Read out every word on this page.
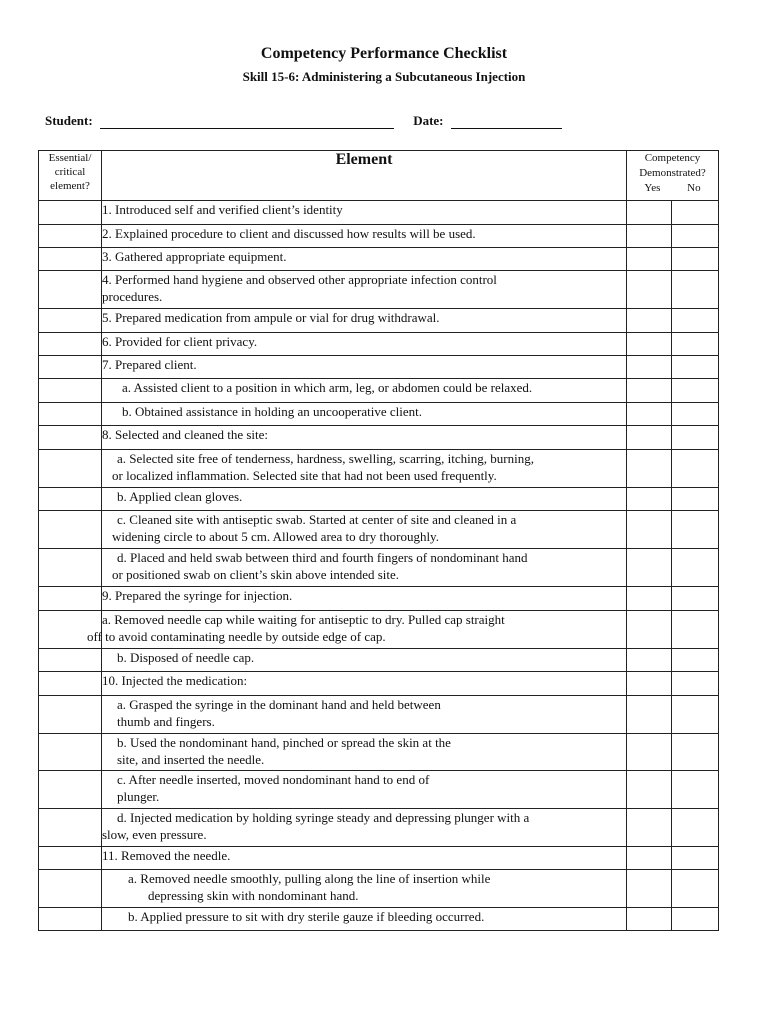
Competency Performance Checklist
Skill 15-6: Administering a Subcutaneous Injection
Student:	Date:
Essential/
critical
element?	Element	Competency
Demonstrated?
Yes No	

	1. Introduced self and verified client’s identity		

	2. Explained procedure to client and discussed how results will be used.		

	3. Gathered appropriate equipment.		

	4. Performed hand hygiene and observed other appropriate infection control
procedures.		

	5. Prepared medication from ampule or vial for drug withdrawal.		

	6. Provided for client privacy.		

	7. Prepared client.		

	a. Assisted client to a position in which arm, leg, or abdomen could be relaxed.		

	b. Obtained assistance in holding an uncooperative client.		

	8. Selected and cleaned the site:		

	a. Selected site free of tenderness, hardness, swelling, scarring, itching, burning,
or localized inflammation. Selected site that had not been used frequently.		

	b. Applied clean gloves.		

	c. Cleaned site with antiseptic swab. Started at center of site and cleaned in a
widening circle to about 5 cm. Allowed area to dry thoroughly.		

	d. Placed and held swab between third and fourth fingers of nondominant hand
or positioned swab on client’s skin above intended site.		

	9. Prepared the syringe for injection.		

	a. Removed needle cap while waiting for antiseptic to dry. Pulled cap straight
off to avoid contaminating needle by outside edge of cap.		

	b. Disposed of needle cap.		

	10. Injected the medication:		

	a. Grasped the syringe in the dominant hand and held between
thumb and fingers.		

	b. Used the nondominant hand, pinched or spread the skin at the
site, and inserted the needle.		

	c. After needle inserted, moved nondominant hand to end of
plunger.		

	d. Injected medication by holding syringe steady and depressing plunger with a
slow, even pressure.		

	11. Removed the needle.		

	a. Removed needle smoothly, pulling along the line of insertion while
depressing skin with nondominant hand.		

	b. Applied pressure to sit with dry sterile gauze if bleeding occurred.		
